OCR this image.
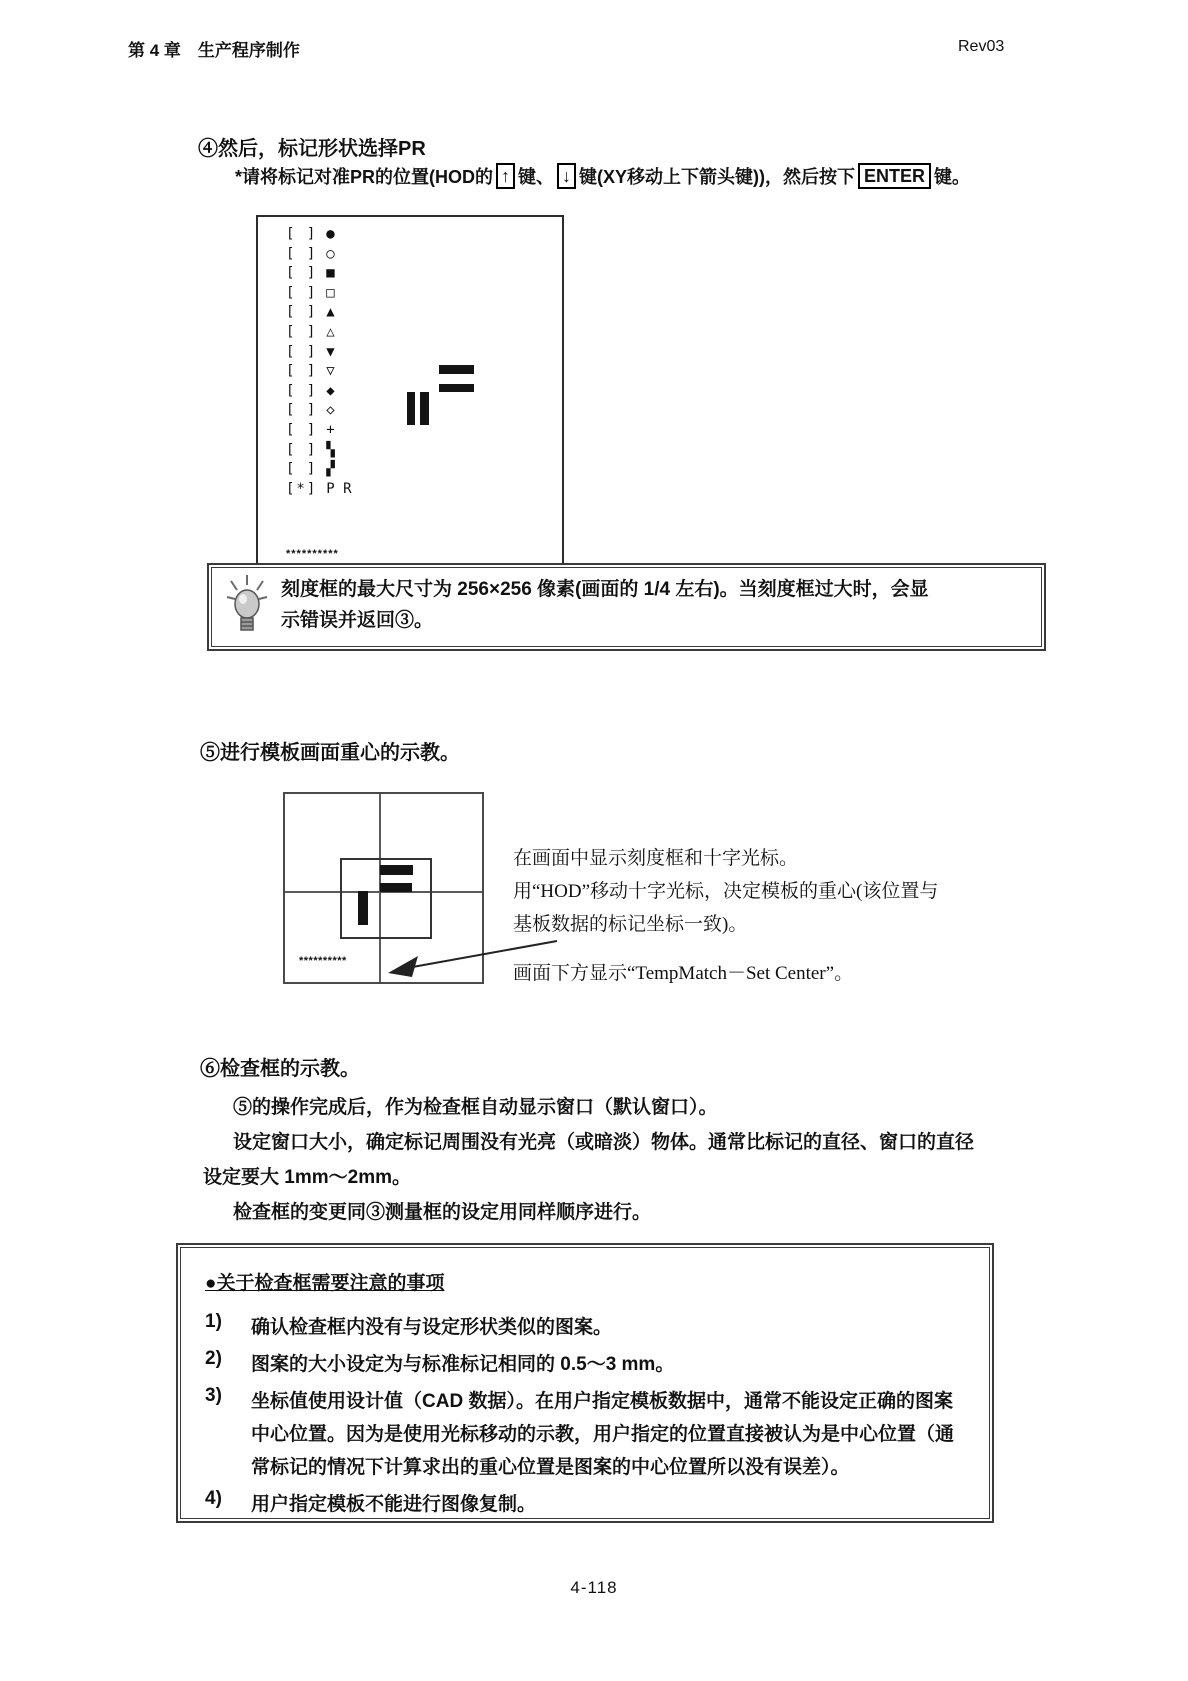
第 4 章　生产程序制作	Rev03
④然后，标记形状选择PR
*请将标记对准PR的位置(HOD的 ↑ 键、 ↓ 键(XY移动上下箭头键))，然后按下 ENTER 键。
[ ] ●
[ ] ○
[ ] ■
[ ] □
[ ] ▲
[ ] △
[ ] ▼
[ ] ▽
[ ] ◆
[ ] ◇
[ ] +
[ ] ▚
[ ] ▞
[*] P R
**********
刻度框的最大尺寸为 256×256 像素(画面的 1/4 左右)。当刻度框过大时，会显
示错误并返回③。
⑤进行模板画面重心的示教。
**********
在画面中显示刻度框和十字光标。
用“HOD”移动十字光标，决定模板的重心(该位置与
基板数据的标记坐标一致)。
画面下方显示“TempMatch－Set Center”。
⑥检查框的示教。
⑤的操作完成后，作为检查框自动显示窗口（默认窗口）。
设定窗口大小，确定标记周围没有光亮（或暗淡）物体。通常比标记的直径、窗口的直径
设定要大 1mm～2mm。
检查框的变更同③测量框的设定用同样顺序进行。
●关于检查框需要注意的事项
1)	确认检查框内没有与设定形状类似的图案。
2)	图案的大小设定为与标准标记相同的 0.5～3 mm。
3)	坐标值使用设计值（CAD 数据）。在用户指定模板数据中，通常不能设定正确的图案
中心位置。因为是使用光标移动的示教，用户指定的位置直接被认为是中心位置（通
常标记的情况下计算求出的重心位置是图案的中心位置所以没有误差）。
4)	用户指定模板不能进行图像复制。
4-118
